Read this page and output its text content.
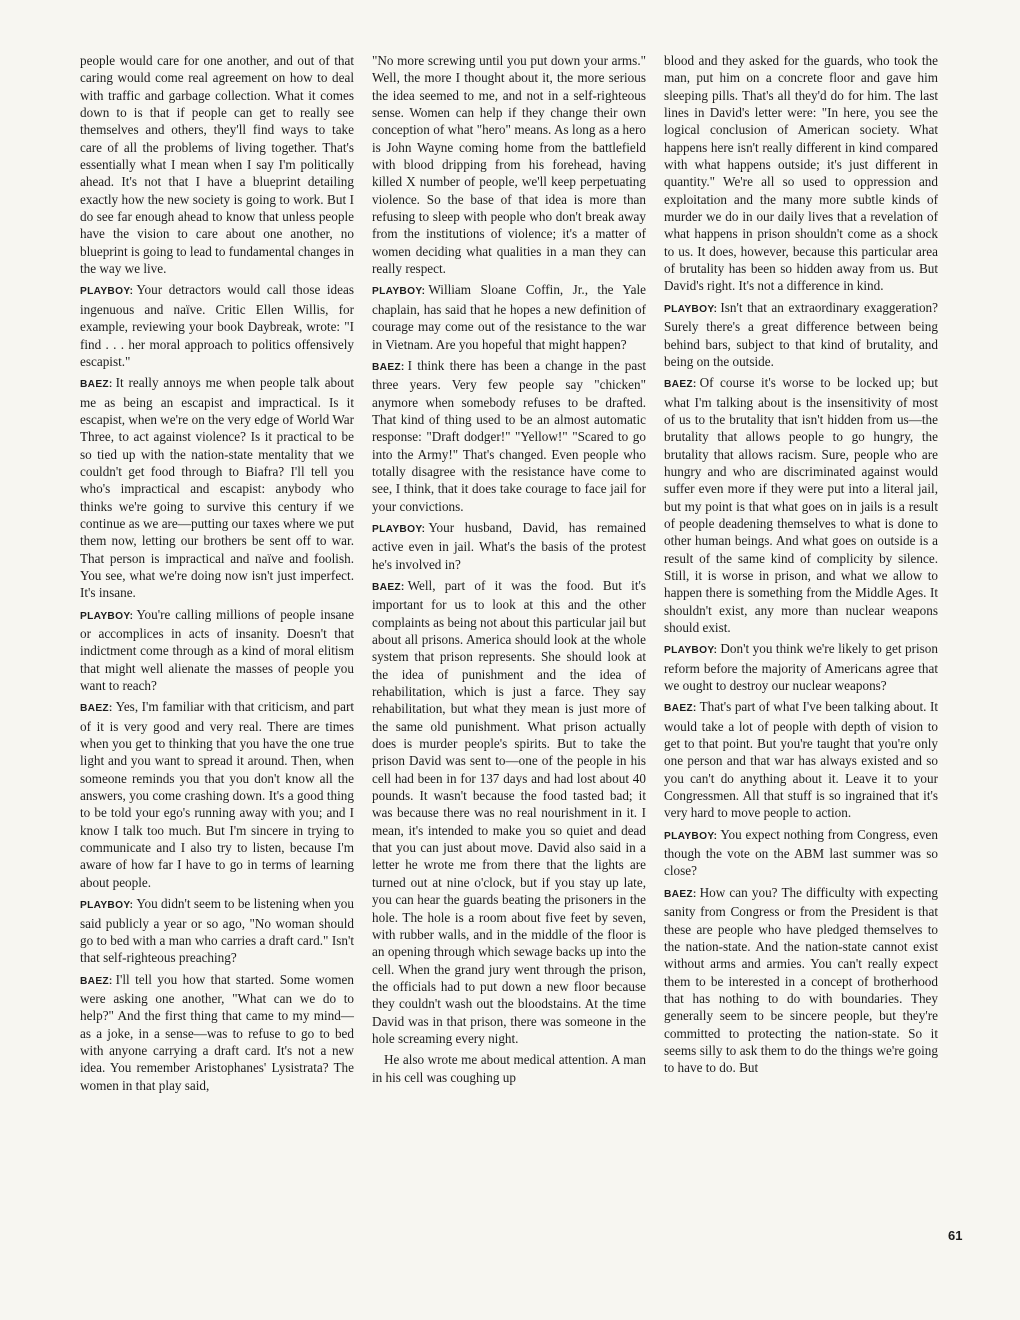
people would care for one another, and out of that caring would come real agreement on how to deal with traffic and garbage collection. What it comes down to is that if people can get to really see themselves and others, they'll find ways to take care of all the problems of living together. That's essentially what I mean when I say I'm politically ahead. It's not that I have a blueprint detailing exactly how the new society is going to work. But I do see far enough ahead to know that unless people have the vision to care about one another, no blueprint is going to lead to fundamental changes in the way we live.

PLAYBOY: Your detractors would call those ideas ingenuous and naïve. Critic Ellen Willis, for example, reviewing your book Daybreak, wrote: "I find . . . her moral approach to politics offensively escapist."

BAEZ: It really annoys me when people talk about me as being an escapist and impractical. Is it escapist, when we're on the very edge of World War Three, to act against violence? Is it practical to be so tied up with the nation-state mentality that we couldn't get food through to Biafra? I'll tell you who's impractical and escapist: anybody who thinks we're going to survive this century if we continue as we are—putting our taxes where we put them now, letting our brothers be sent off to war. That person is impractical and naïve and foolish. You see, what we're doing now isn't just imperfect. It's insane.

PLAYBOY: You're calling millions of people insane or accomplices in acts of insanity. Doesn't that indictment come through as a kind of moral elitism that might well alienate the masses of people you want to reach?

BAEZ: Yes, I'm familiar with that criticism, and part of it is very good and very real. There are times when you get to thinking that you have the one true light and you want to spread it around. Then, when someone reminds you that you don't know all the answers, you come crashing down. It's a good thing to be told your ego's running away with you; and I know I talk too much. But I'm sincere in trying to communicate and I also try to listen, because I'm aware of how far I have to go in terms of learning about people.

PLAYBOY: You didn't seem to be listening when you said publicly a year or so ago, "No woman should go to bed with a man who carries a draft card." Isn't that self-righteous preaching?

BAEZ: I'll tell you how that started. Some women were asking one another, "What can we do to help?" And the first thing that came to my mind—as a joke, in a sense—was to refuse to go to bed with anyone carrying a draft card. It's not a new idea. You remember Aristophanes' Lysistrata? The women in that play said,

"No more screwing until you put down your arms." Well, the more I thought about it, the more serious the idea seemed to me, and not in a self-righteous sense. Women can help if they change their own conception of what "hero" means. As long as a hero is John Wayne coming home from the battlefield with blood dripping from his forehead, having killed X number of people, we'll keep perpetuating violence. So the base of that idea is more than refusing to sleep with people who don't break away from the institutions of violence; it's a matter of women deciding what qualities in a man they can really respect.

PLAYBOY: William Sloane Coffin, Jr., the Yale chaplain, has said that he hopes a new definition of courage may come out of the resistance to the war in Vietnam. Are you hopeful that might happen?

BAEZ: I think there has been a change in the past three years. Very few people say "chicken" anymore when somebody refuses to be drafted. That kind of thing used to be an almost automatic response: "Draft dodger!" "Yellow!" "Scared to go into the Army!" That's changed. Even people who totally disagree with the resistance have come to see, I think, that it does take courage to face jail for your convictions.

PLAYBOY: Your husband, David, has remained active even in jail. What's the basis of the protest he's involved in?

BAEZ: Well, part of it was the food. But it's important for us to look at this and the other complaints as being not about this particular jail but about all prisons. America should look at the whole system that prison represents. She should look at the idea of punishment and the idea of rehabilitation, which is just a farce. They say rehabilitation, but what they mean is just more of the same old punishment. What prison actually does is murder people's spirits. But to take the prison David was sent to—one of the people in his cell had been in for 137 days and had lost about 40 pounds. It wasn't because the food tasted bad; it was because there was no real nourishment in it. I mean, it's intended to make you so quiet and dead that you can just about move. David also said in a letter he wrote me from there that the lights are turned out at nine o'clock, but if you stay up late, you can hear the guards beating the prisoners in the hole. The hole is a room about five feet by seven, with rubber walls, and in the middle of the floor is an opening through which sewage backs up into the cell. When the grand jury went through the prison, the officials had to put down a new floor because they couldn't wash out the bloodstains. At the time David was in that prison, there was someone in the hole screaming every night.

He also wrote me about medical attention. A man in his cell was coughing up

blood and they asked for the guards, who took the man, put him on a concrete floor and gave him sleeping pills. That's all they'd do for him. The last lines in David's letter were: "In here, you see the logical conclusion of American society. What happens here isn't really different in kind compared with what happens outside; it's just different in quantity." We're all so used to oppression and exploitation and the many more subtle kinds of murder we do in our daily lives that a revelation of what happens in prison shouldn't come as a shock to us. It does, however, because this particular area of brutality has been so hidden away from us. But David's right. It's not a difference in kind.

PLAYBOY: Isn't that an extraordinary exaggeration? Surely there's a great difference between being behind bars, subject to that kind of brutality, and being on the outside.

BAEZ: Of course it's worse to be locked up; but what I'm talking about is the insensitivity of most of us to the brutality that isn't hidden from us—the brutality that allows people to go hungry, the brutality that allows racism. Sure, people who are hungry and who are discriminated against would suffer even more if they were put into a literal jail, but my point is that what goes on in jails is a result of people deadening themselves to what is done to other human beings. And what goes on outside is a result of the same kind of complicity by silence. Still, it is worse in prison, and what we allow to happen there is something from the Middle Ages. It shouldn't exist, any more than nuclear weapons should exist.

PLAYBOY: Don't you think we're likely to get prison reform before the majority of Americans agree that we ought to destroy our nuclear weapons?

BAEZ: That's part of what I've been talking about. It would take a lot of people with depth of vision to get to that point. But you're taught that you're only one person and that war has always existed and so you can't do anything about it. Leave it to your Congressmen. All that stuff is so ingrained that it's very hard to move people to action.

PLAYBOY: You expect nothing from Congress, even though the vote on the ABM last summer was so close?

BAEZ: How can you? The difficulty with expecting sanity from Congress or from the President is that these are people who have pledged themselves to the nation-state. And the nation-state cannot exist without arms and armies. You can't really expect them to be interested in a concept of brotherhood that has nothing to do with boundaries. They generally seem to be sincere people, but they're committed to protecting the nation-state. So it seems silly to ask them to do the things we're going to have to do. But

61
